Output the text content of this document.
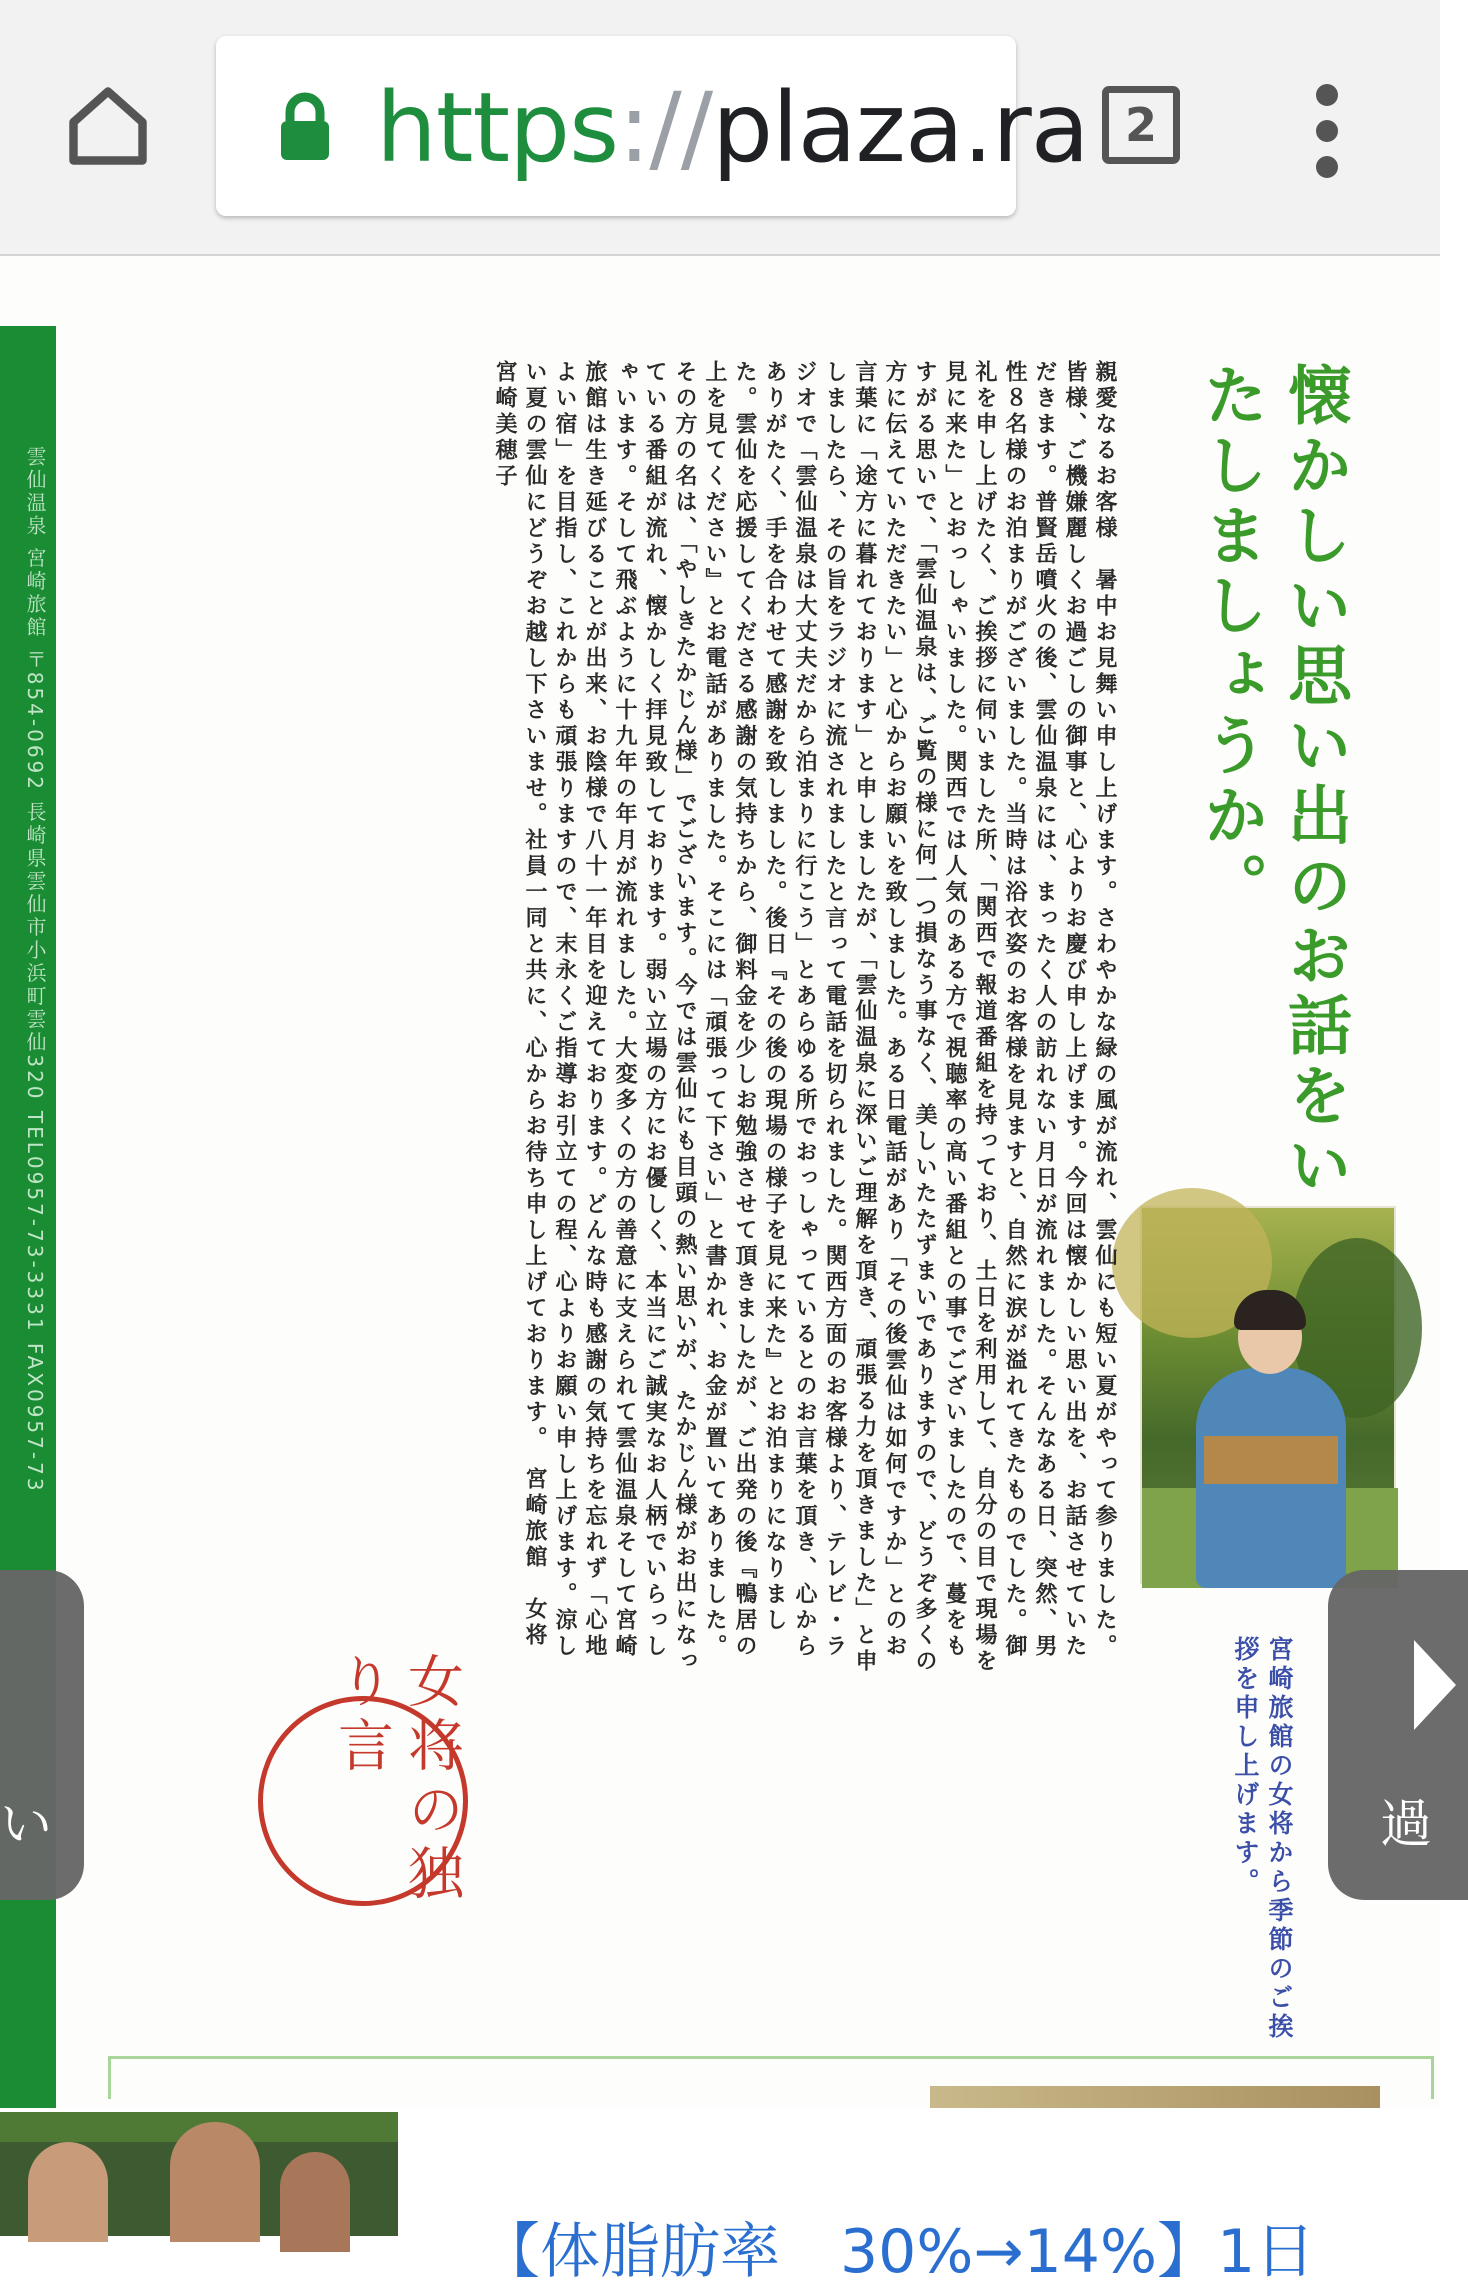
https://plaza.ra 2
雲仙温泉 宮崎旅館 〒854-0692 長崎県雲仙市小浜町雲仙320 TEL0957-73-3331 FAX0957-73	懐かしい思い出のお話をいたしましょうか。
宮崎旅館の女将から季節のご挨拶を申し上げます。
親愛なるお客様　暑中お見舞い申し上げます。さわやかな緑の風が流れ、雲仙にも短い夏がやって参りました。皆様、ご機嫌麗しくお過ごしの御事と、心よりお慶び申し上げます。今回は懐かしい思い出を、お話させていただきます。普賢岳噴火の後、雲仙温泉には、まったく人の訪れない月日が流れました。そんなある日、突然、男性８名様のお泊まりがございました。当時は浴衣姿のお客様を見ますと、自然に涙が溢れてきたものでした。御礼を申し上げたく、ご挨拶に伺いました所、「関西で報道番組を持っており、土日を利用して、自分の目で現場を見に来た」とおっしゃいました。関西では人気のある方で視聴率の高い番組との事でございましたので、蔓をもすがる思いで、「雲仙温泉は、ご覧の様に何一つ損なう事なく、美しいたたずまいでありますので、どうぞ多くの方に伝えていただきたい」と心からお願いを致しました。ある日電話があり「その後雲仙は如何ですか」とのお言葉に「途方に暮れております」と申しましたが、「雲仙温泉に深いご理解を頂き、頑張る力を頂きました」と申しましたら、その旨をラジオに流されましたと言って電話を切られました。関西方面のお客様より、テレビ・ラジオで「雲仙温泉は大丈夫だから泊まりに行こう」とあらゆる所でおっしゃっているとのお言葉を頂き、心からありがたく、手を合わせて感謝を致しました。後日『その後の現場の様子を見に来た』とお泊まりになりました。雲仙を応援してくださる感謝の気持ちから、御料金を少しお勉強させて頂きましたが、ご出発の後『鴨居の上を見てください』とお電話がありました。そこには「頑張って下さい」と書かれ、お金が置いてありました。その方の名は、「やしきたかじん様」でございます。今では雲仙にも目頭の熱い思いが、たかじん様がお出になっている番組が流れ、懐かしく拝見致しております。弱い立場の方にお優しく、本当にご誠実なお人柄でいらっしゃいます。そして飛ぶように十九年の年月が流れました。大変多くの方の善意に支えられて雲仙温泉そして宮崎旅館は生き延びることが出来、お陰様で八十一年目を迎えております。どんな時も感謝の気持ちを忘れず「心地よい宿」を目指し、これからも頑張りますので、末永くご指導お引立ての程、心よりお願い申し上げます。涼しい夏の雲仙にどうぞお越し下さいませ。社員一同と共に、心からお待ち申し上げております。　宮崎旅館　女将　宮崎美穂子
女将の独り言
い	過
【体脂肪率　30%→14%】1日
